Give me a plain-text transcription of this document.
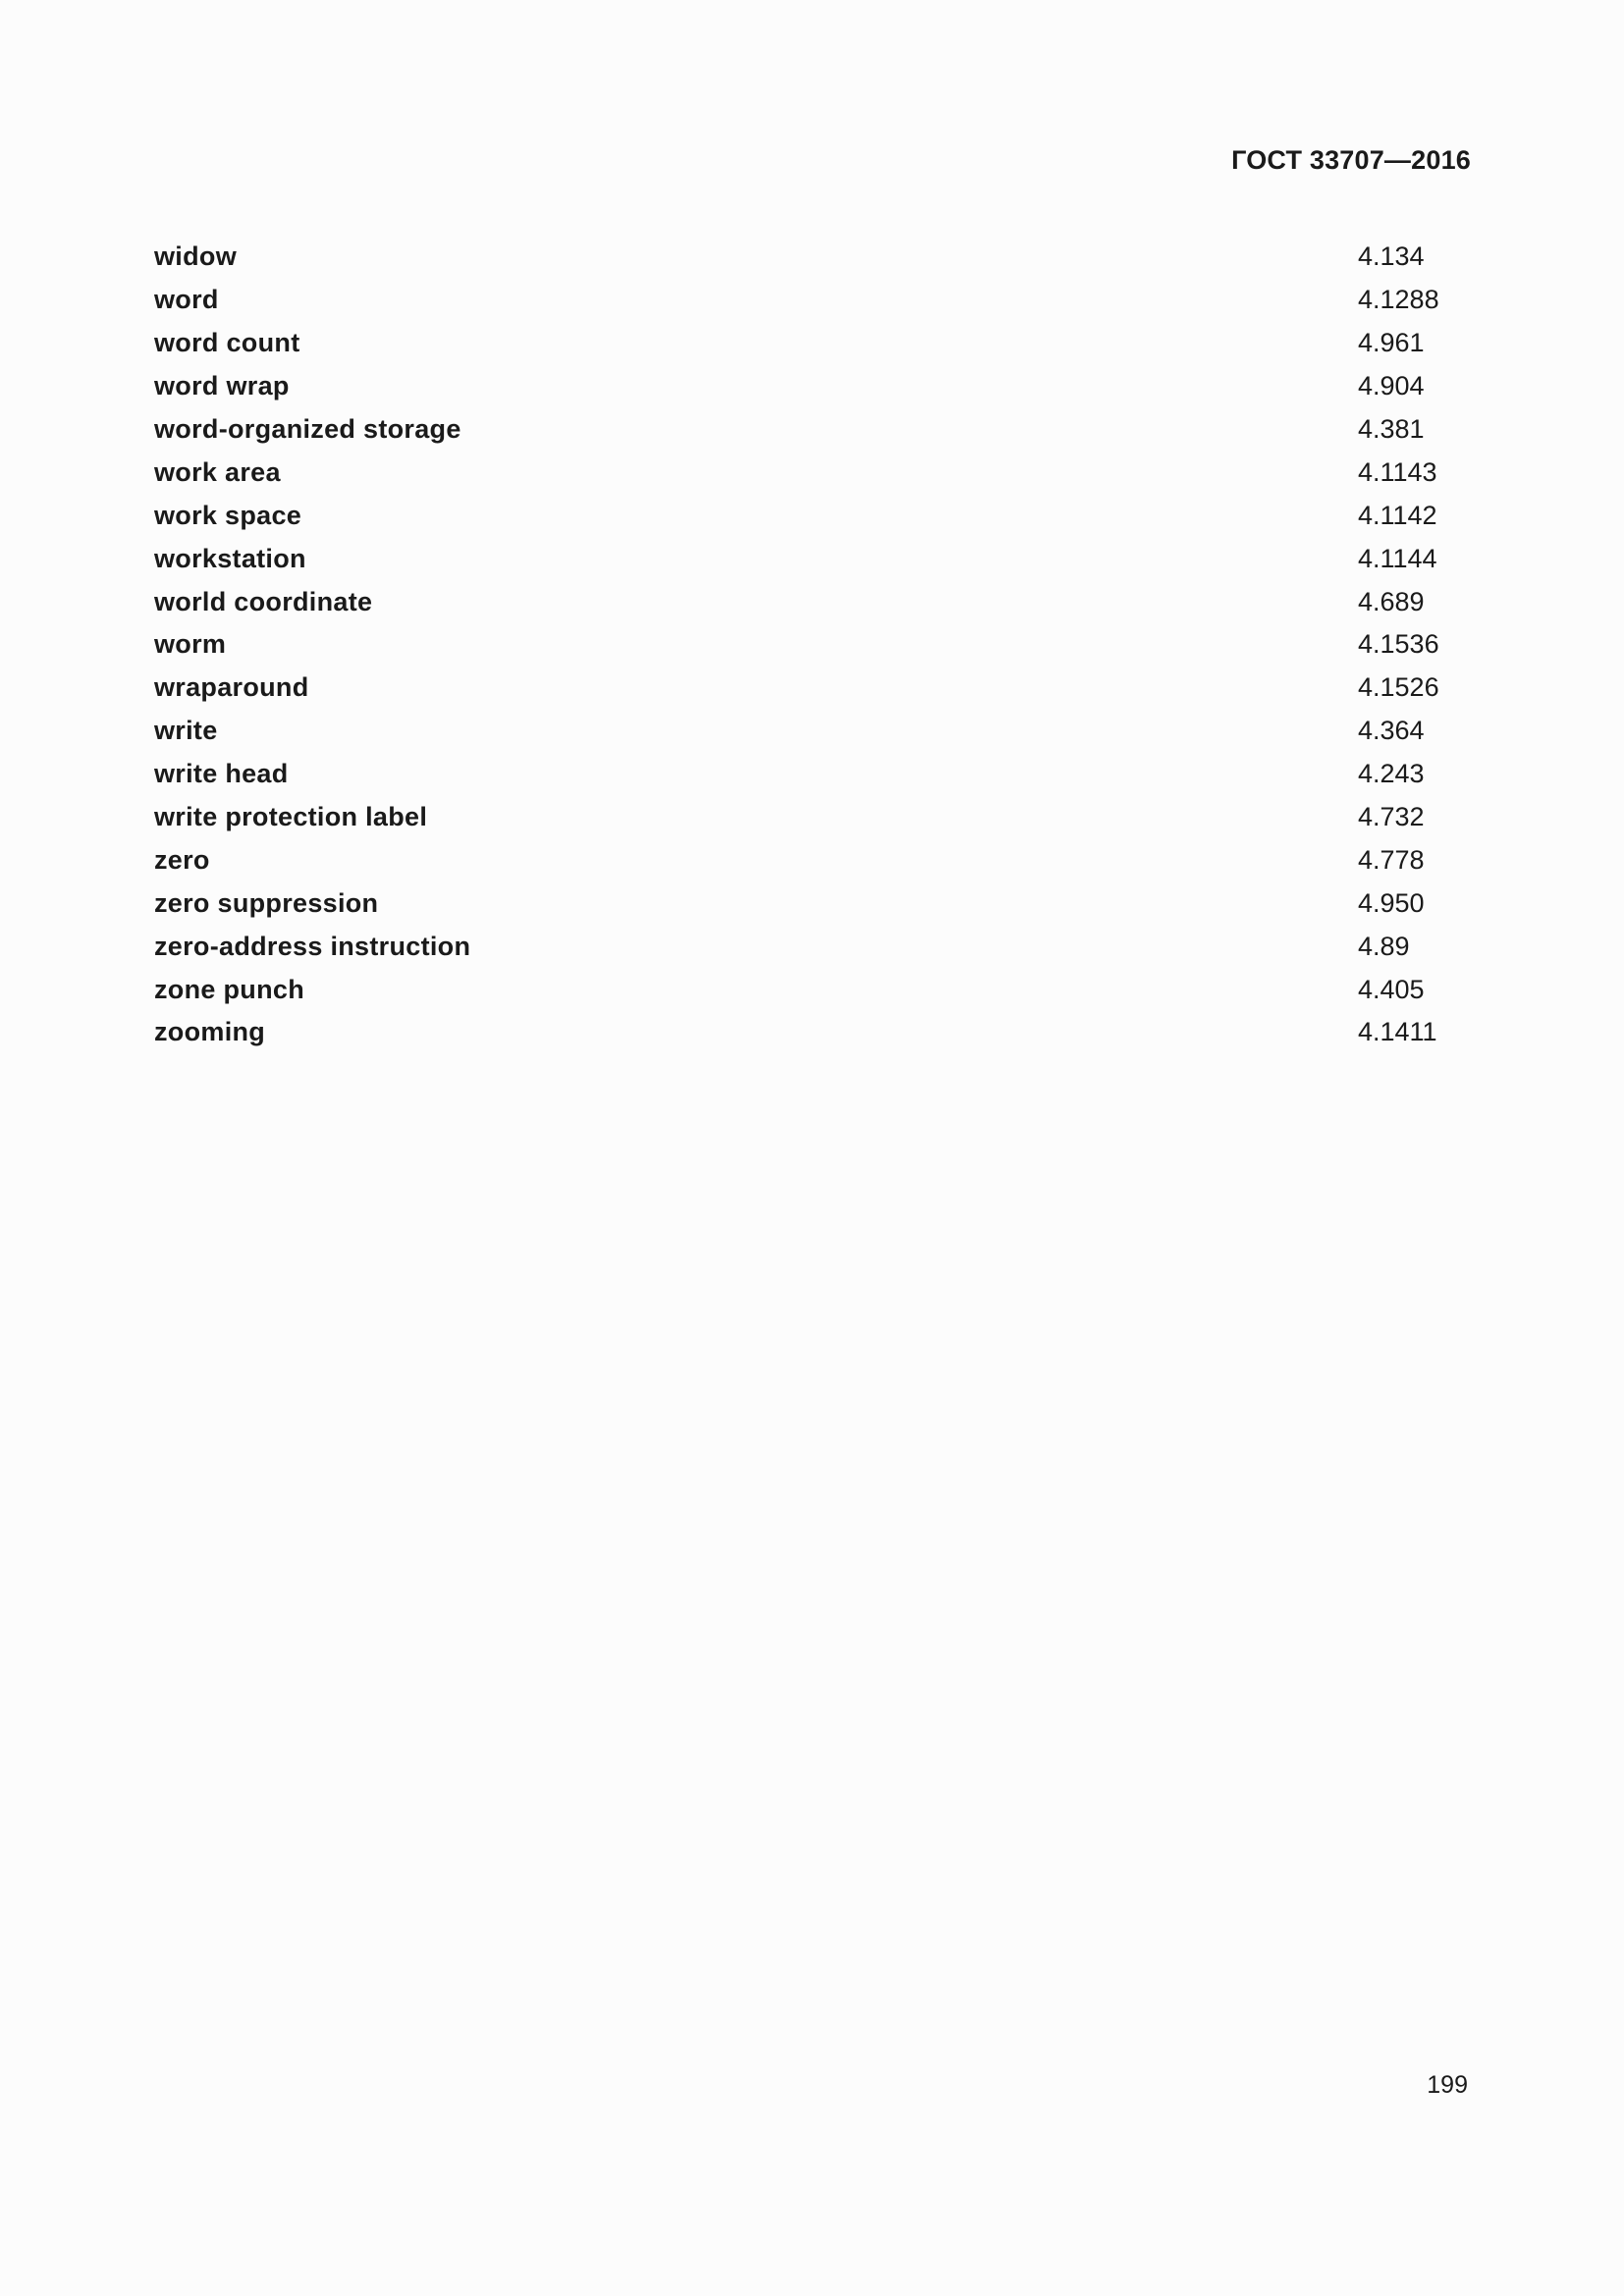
ГОСТ 33707—2016
widow	4.134
word	4.1288
word count	4.961
word wrap	4.904
word-organized storage	4.381
work area	4.1143
work space	4.1142
workstation	4.1144
world coordinate	4.689
worm	4.1536
wraparound	4.1526
write	4.364
write head	4.243
write protection label	4.732
zero	4.778
zero suppression	4.950
zero-address instruction	4.89
zone punch	4.405
zooming	4.1411
199
